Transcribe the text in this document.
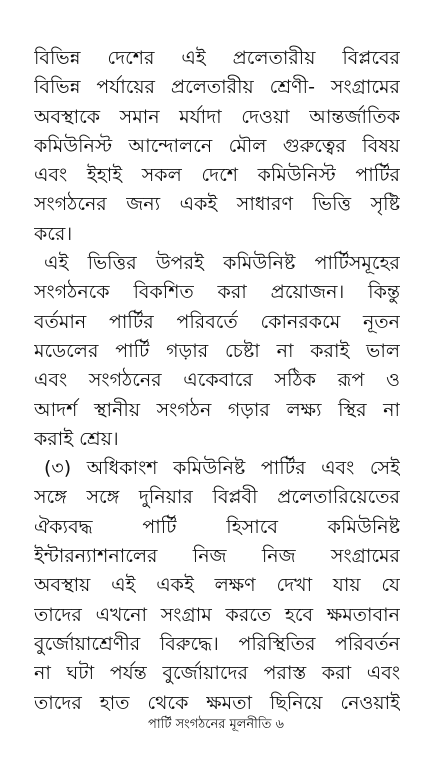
বিভিন্ন দেশের এই প্রলেতারীয় বিপ্লবের
বিভিন্ন পর্যায়ের প্রলেতারীয় শ্রেণী- সংগ্রামের
অবস্থাকে সমান মর্যাদা দেওয়া আন্তর্জাতিক
কমিউনিস্ট আন্দোলনে মৌল গুরুত্বের বিষয়
এবং ইহাই সকল দেশে কমিউনিস্ট পার্টির
সংগঠনের জন্য একই সাধারণ ভিত্তি সৃষ্টি
করে।
এই ভিত্তির উপরই কমিউনিষ্ট পার্টিসমূহের
সংগঠনকে বিকশিত করা প্রয়োজন। কিন্তু
বর্তমান পার্টির পরিবর্তে কোনরকমে নূতন
মডেলের পার্টি গড়ার চেষ্টা না করাই ভাল
এবং সংগঠনের একেবারে সঠিক রূপ ও
আদর্শ স্থানীয় সংগঠন গড়ার লক্ষ্য স্থির না
করাই শ্রেয়।
(৩) অধিকাংশ কমিউনিষ্ট পার্টির এবং সেই
সঙ্গে সঙ্গে দুনিয়ার বিপ্লবী প্রলেতারিয়েতের
ঐক্যবদ্ধ পার্টি হিসাবে কমিউনিষ্ট
ইন্টারন্যাশনালের নিজ নিজ সংগ্রামের
অবস্থায় এই একই লক্ষণ দেখা যায় যে
তাদের এখনো সংগ্রাম করতে হবে ক্ষমতাবান
বুর্জোয়াশ্রেণীর বিরুদ্ধে। পরিস্থিতির পরিবর্তন
না ঘটা পর্যন্ত বুর্জোয়াদের পরাস্ত করা এবং
তাদের হাত থেকে ক্ষমতা ছিনিয়ে নেওয়াই
পার্টি সংগঠনের মূলনীতি ৬
